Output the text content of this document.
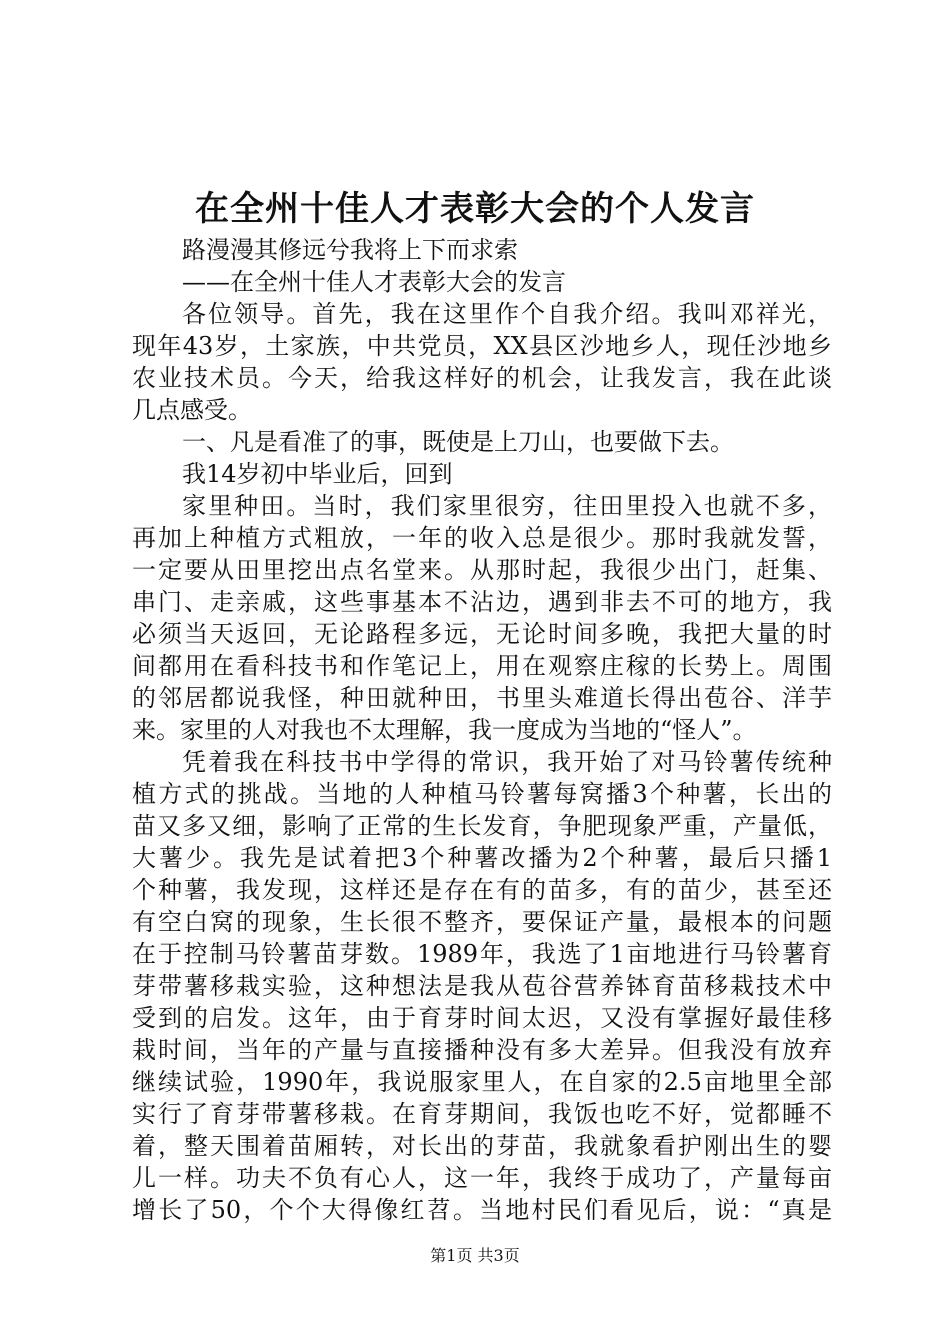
在全州十佳人才表彰大会的个人发言
路漫漫其修远兮我将上下而求索
——在全州十佳人才表彰大会的发言
各位领导。首先，我在这里作个自我介绍。我叫邓祥光，
现年43岁，土家族，中共党员，XX县区沙地乡人，现任沙地乡
农业技术员。今天，给我这样好的机会，让我发言，我在此谈
几点感受。
一、凡是看准了的事，既使是上刀山，也要做下去。
我14岁初中毕业后，回到
家里种田。当时，我们家里很穷，往田里投入也就不多，
再加上种植方式粗放，一年的收入总是很少。那时我就发誓，
一定要从田里挖出点名堂来。从那时起，我很少出门，赶集、
串门、走亲戚，这些事基本不沾边，遇到非去不可的地方，我
必须当天返回，无论路程多远，无论时间多晚，我把大量的时
间都用在看科技书和作笔记上，用在观察庄稼的长势上。周围
的邻居都说我怪，种田就种田，书里头难道长得出苞谷、洋芋
来。家里的人对我也不太理解，我一度成为当地的“怪人”。
凭着我在科技书中学得的常识，我开始了对马铃薯传统种
植方式的挑战。当地的人种植马铃薯每窝播3个种薯，长出的
苗又多又细，影响了正常的生长发育，争肥现象严重，产量低，
大薯少。我先是试着把3个种薯改播为2个种薯，最后只播1
个种薯，我发现，这样还是存在有的苗多，有的苗少，甚至还
有空白窝的现象，生长很不整齐，要保证产量，最根本的问题
在于控制马铃薯苗芽数。1989年，我选了1亩地进行马铃薯育
芽带薯移栽实验，这种想法是我从苞谷营养钵育苗移栽技术中
受到的启发。这年，由于育芽时间太迟，又没有掌握好最佳移
栽时间，当年的产量与直接播种没有多大差异。但我没有放弃
继续试验，1990年，我说服家里人，在自家的2.5亩地里全部
实行了育芽带薯移栽。在育芽期间，我饭也吃不好，觉都睡不
着，整天围着苗厢转，对长出的芽苗，我就象看护刚出生的婴
儿一样。功夫不负有心人，这一年，我终于成功了，产量每亩
增长了50，个个大得像红苕。当地村民们看见后，说：“真是
第1页 共3页
